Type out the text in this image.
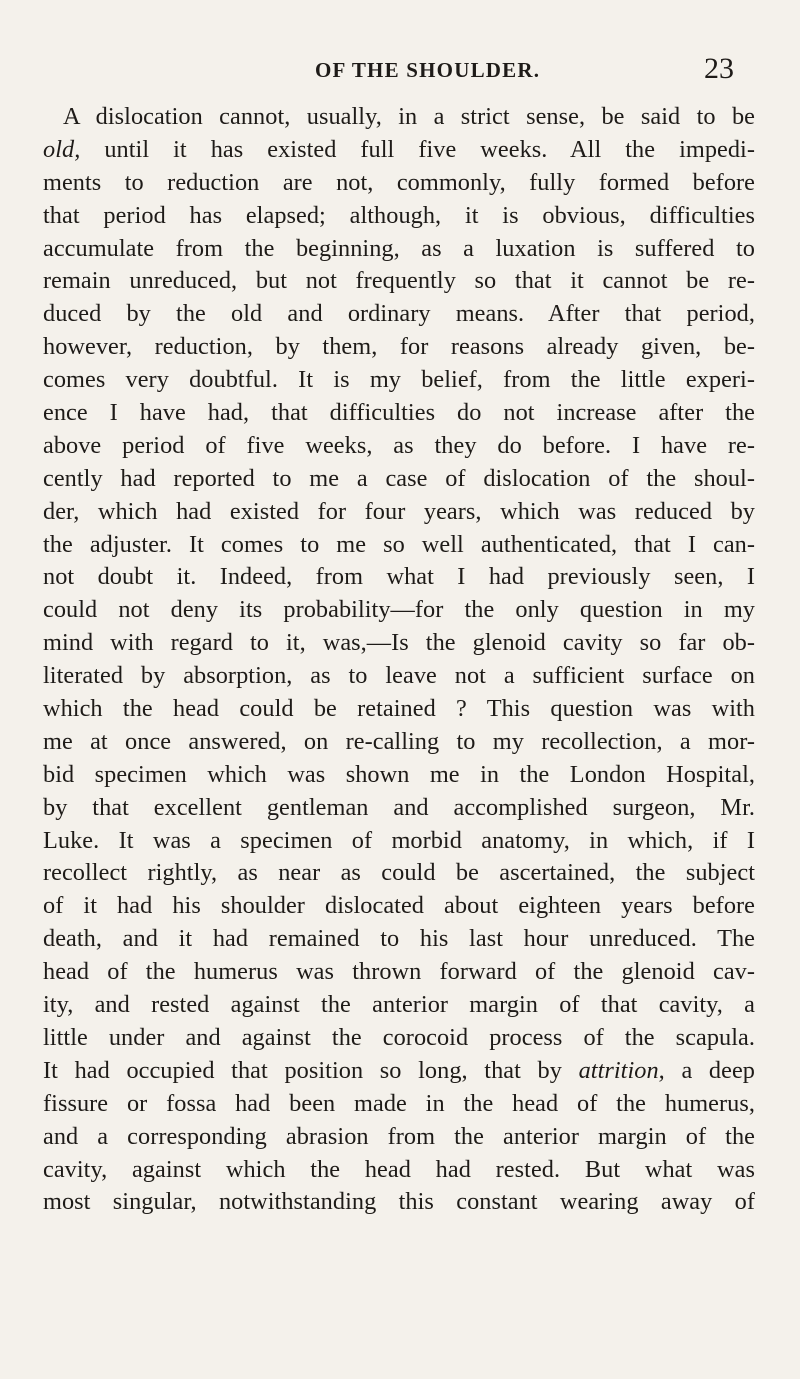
OF THE SHOULDER.	23
A dislocation cannot, usually, in a strict sense, be said to be
old, until it has existed full five weeks. All the impedi-
ments to reduction are not, commonly, fully formed before
that period has elapsed; although, it is obvious, difficulties
accumulate from the beginning, as a luxation is suffered to
remain unreduced, but not frequently so that it cannot be re-
duced by the old and ordinary means. After that period,
however, reduction, by them, for reasons already given, be-
comes very doubtful. It is my belief, from the little experi-
ence I have had, that difficulties do not increase after the
above period of five weeks, as they do before. I have re-
cently had reported to me a case of dislocation of the shoul-
der, which had existed for four years, which was reduced by
the adjuster. It comes to me so well authenticated, that I can-
not doubt it. Indeed, from what I had previously seen, I
could not deny its probability—for the only question in my
mind with regard to it, was,—Is the glenoid cavity so far ob-
literated by absorption, as to leave not a sufficient surface on
which the head could be retained ? This question was with
me at once answered, on re-calling to my recollection, a mor-
bid specimen which was shown me in the London Hospital,
by that excellent gentleman and accomplished surgeon, Mr.
Luke. It was a specimen of morbid anatomy, in which, if I
recollect rightly, as near as could be ascertained, the subject
of it had his shoulder dislocated about eighteen years before
death, and it had remained to his last hour unreduced. The
head of the humerus was thrown forward of the glenoid cav-
ity, and rested against the anterior margin of that cavity, a
little under and against the corocoid process of the scapula.
It had occupied that position so long, that by attrition, a deep
fissure or fossa had been made in the head of the humerus,
and a corresponding abrasion from the anterior margin of the
cavity, against which the head had rested. But what was
most singular, notwithstanding this constant wearing away of
